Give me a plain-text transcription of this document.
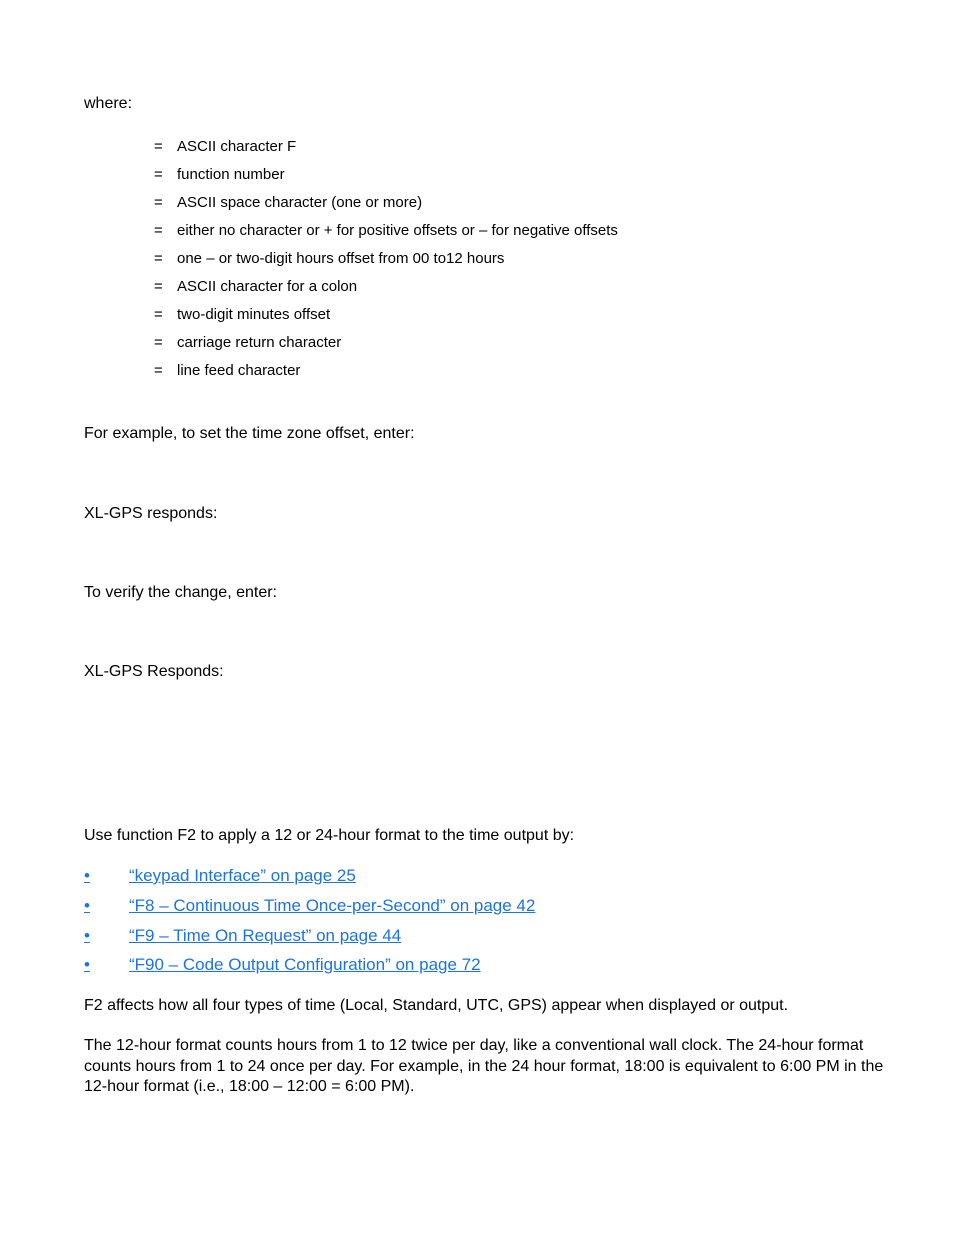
where:

= ASCII character F
= function number
= ASCII space character (one or more)
= either no character or + for positive offsets or – for negative offsets
= one – or two-digit hours offset from 00 to12 hours
= ASCII character for a colon
= two-digit minutes offset
= carriage return character
= line feed character

For example, to set the time zone offset, enter:

XL-GPS responds:

To verify the change, enter:

XL-GPS Responds:

Use function F2 to apply a 12 or 24-hour format to the time output by:

• “keypad Interface” on page 25
• “F8 – Continuous Time Once-per-Second” on page 42
• “F9 – Time On Request” on page 44
• “F90 – Code Output Configuration” on page 72

F2 affects how all four types of time (Local, Standard, UTC, GPS) appear when displayed or output.

The 12-hour format counts hours from 1 to 12 twice per day, like a conventional wall clock. The 24-hour format counts hours from 1 to 24 once per day. For example, in the 24 hour format, 18:00 is equivalent to 6:00 PM in the 12-hour format (i.e., 18:00 – 12:00 = 6:00 PM).
